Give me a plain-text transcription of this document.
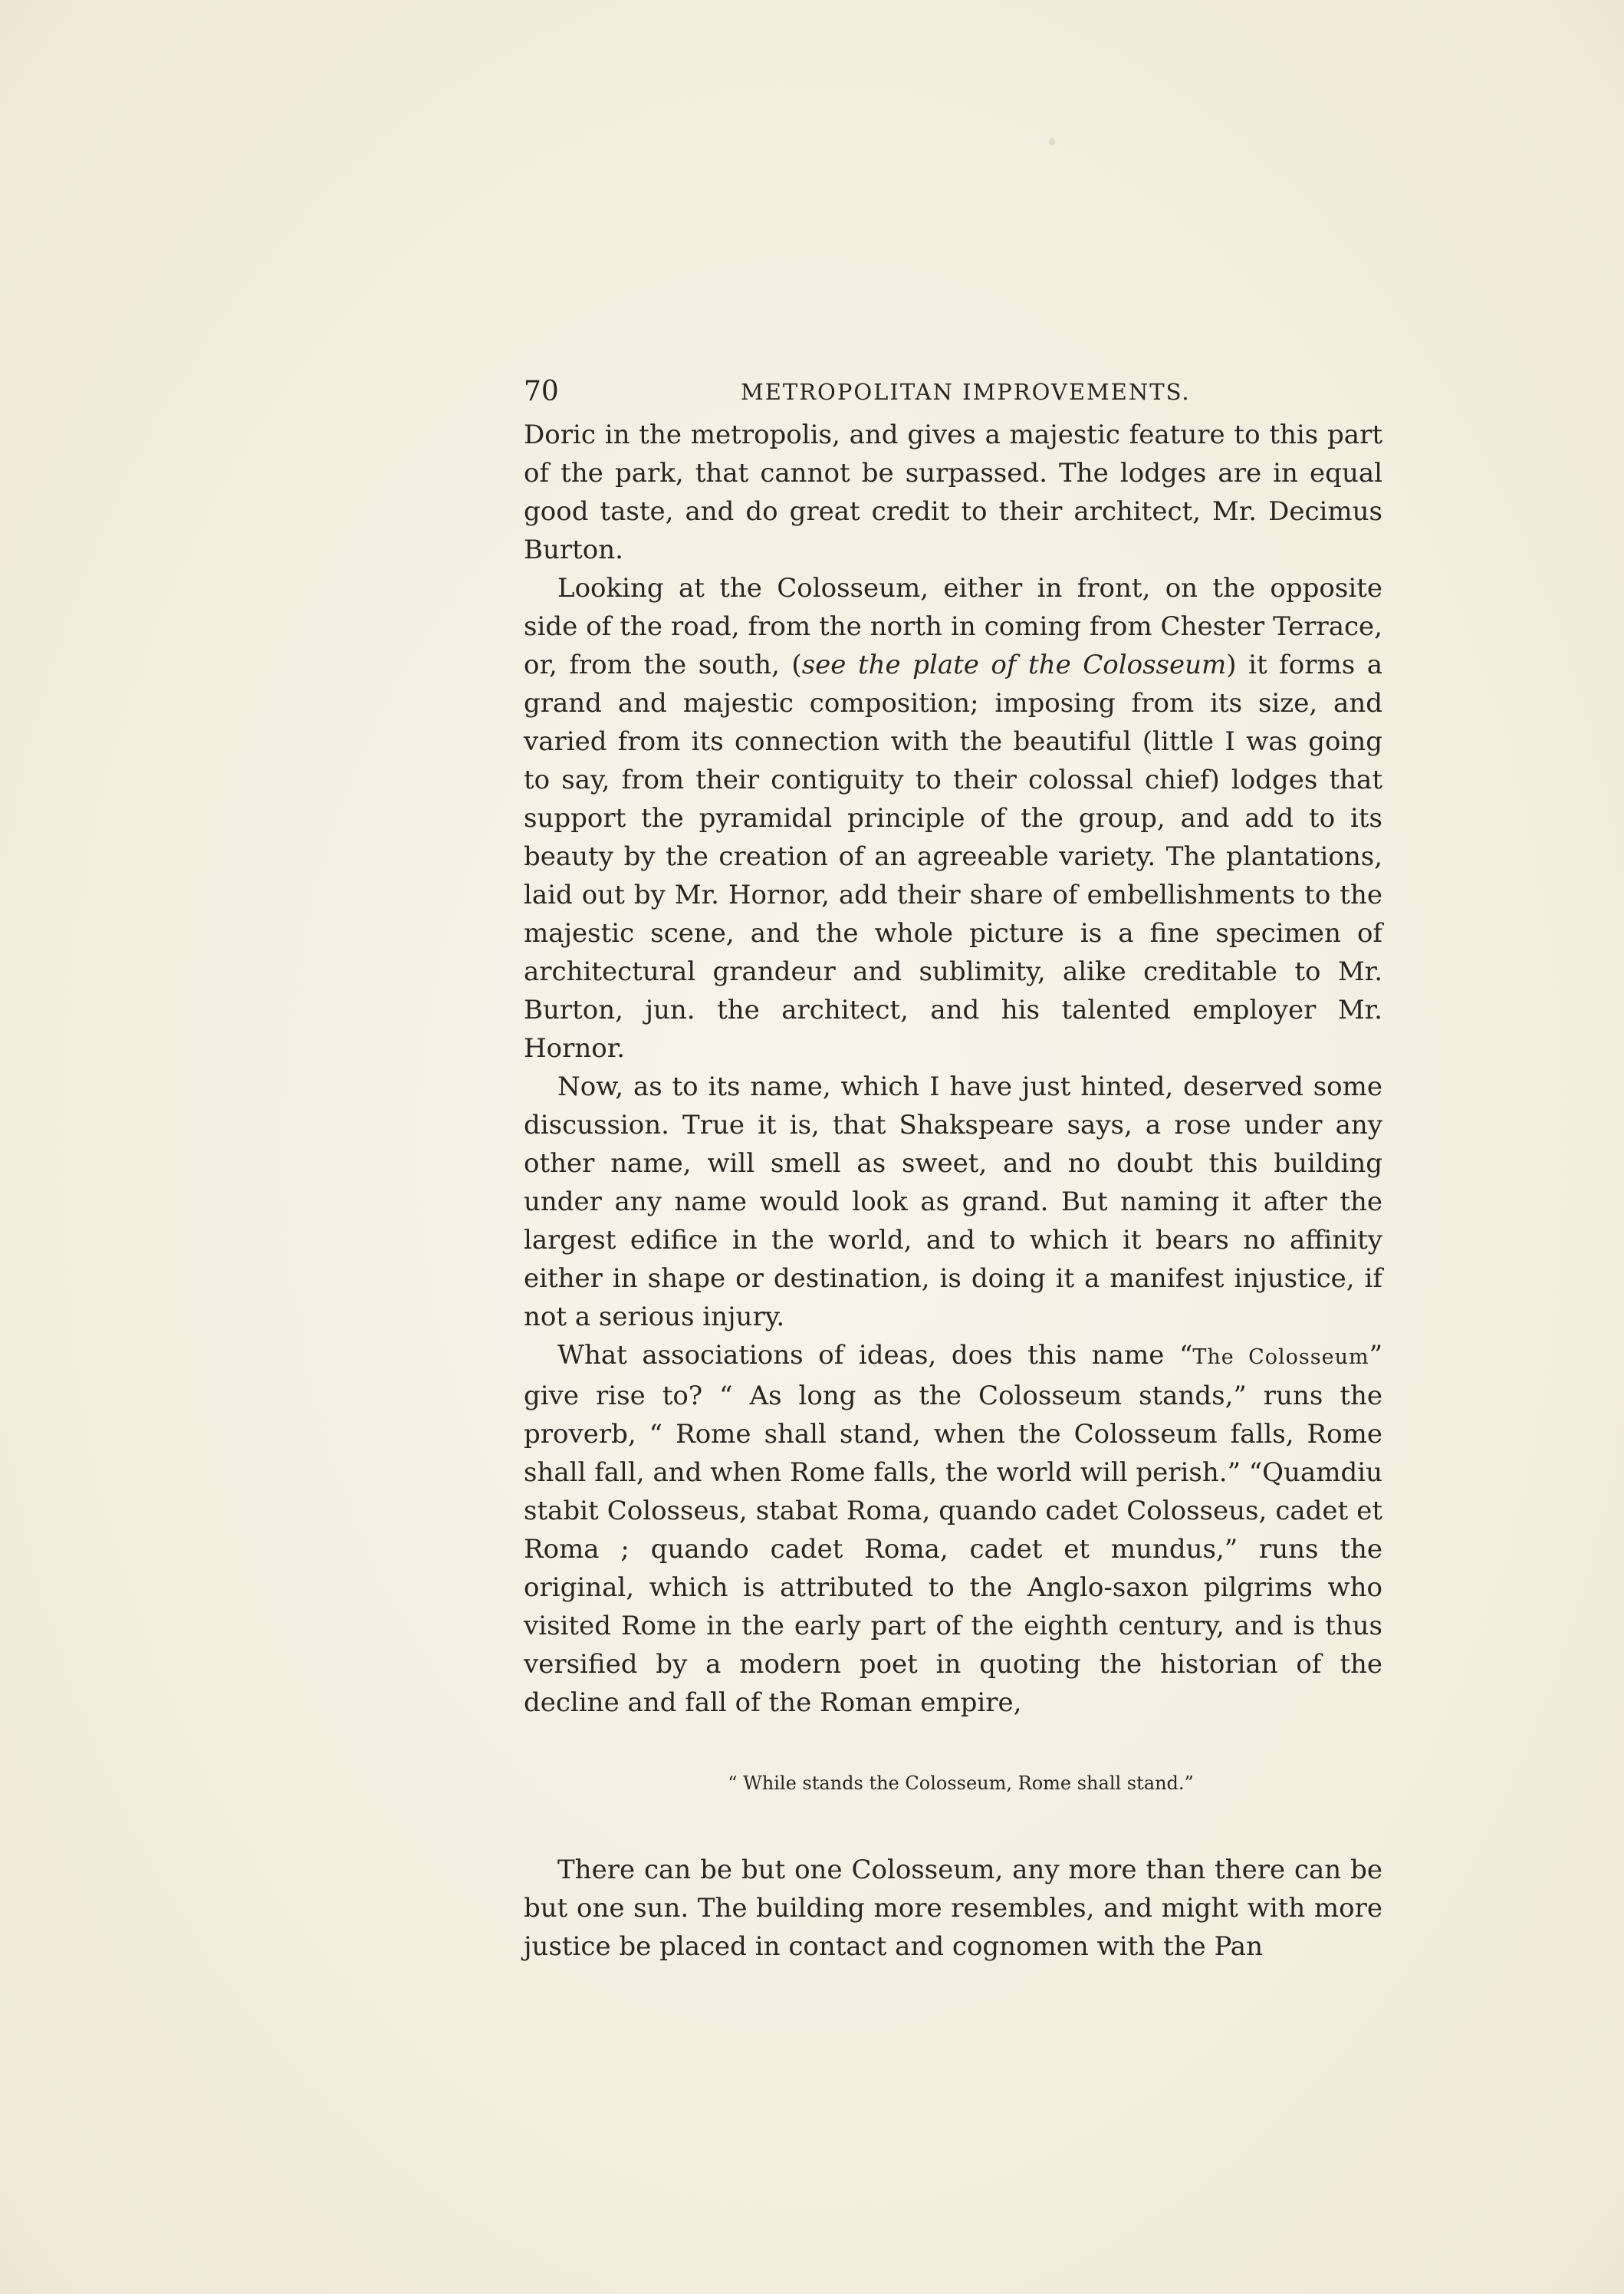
70	METROPOLITAN IMPROVEMENTS.

Doric in the metropolis, and gives a majestic feature to this part of the park, that cannot be surpassed. The lodges are in equal good taste, and do great credit to their architect, Mr. Decimus Burton.

Looking at the Colosseum, either in front, on the opposite side of the road, from the north in coming from Chester Terrace, or, from the south, (see the plate of the Colosseum) it forms a grand and majestic composition; imposing from its size, and varied from its connection with the beautiful (little I was going to say, from their contiguity to their colossal chief) lodges that support the pyramidal principle of the group, and add to its beauty by the creation of an agreeable variety. The plantations, laid out by Mr. Hornor, add their share of embellishments to the majestic scene, and the whole picture is a fine specimen of architectural grandeur and sublimity, alike creditable to Mr. Burton, jun. the architect, and his talented employer Mr. Hornor.

Now, as to its name, which I have just hinted, deserved some discussion. True it is, that Shakspeare says, a rose under any other name, will smell as sweet, and no doubt this building under any name would look as grand. But naming it after the largest edifice in the world, and to which it bears no affinity either in shape or destination, is doing it a manifest injustice, if not a serious injury.

What associations of ideas, does this name “The Colosseum” give rise to? “ As long as the Colosseum stands,” runs the proverb, “ Rome shall stand, when the Colosseum falls, Rome shall fall, and when Rome falls, the world will perish.” “Quamdiu stabit Colosseus, stabat Roma, quando cadet Colosseus, cadet et Roma ; quando cadet Roma, cadet et mundus,” runs the original, which is attributed to the Anglo-saxon pilgrims who visited Rome in the early part of the eighth century, and is thus versified by a modern poet in quoting the historian of the decline and fall of the Roman empire,

“ While stands the Colosseum, Rome shall stand.”

There can be but one Colosseum, any more than there can be but one sun. The building more resembles, and might with more justice be placed in contact and cognomen with the Pan
